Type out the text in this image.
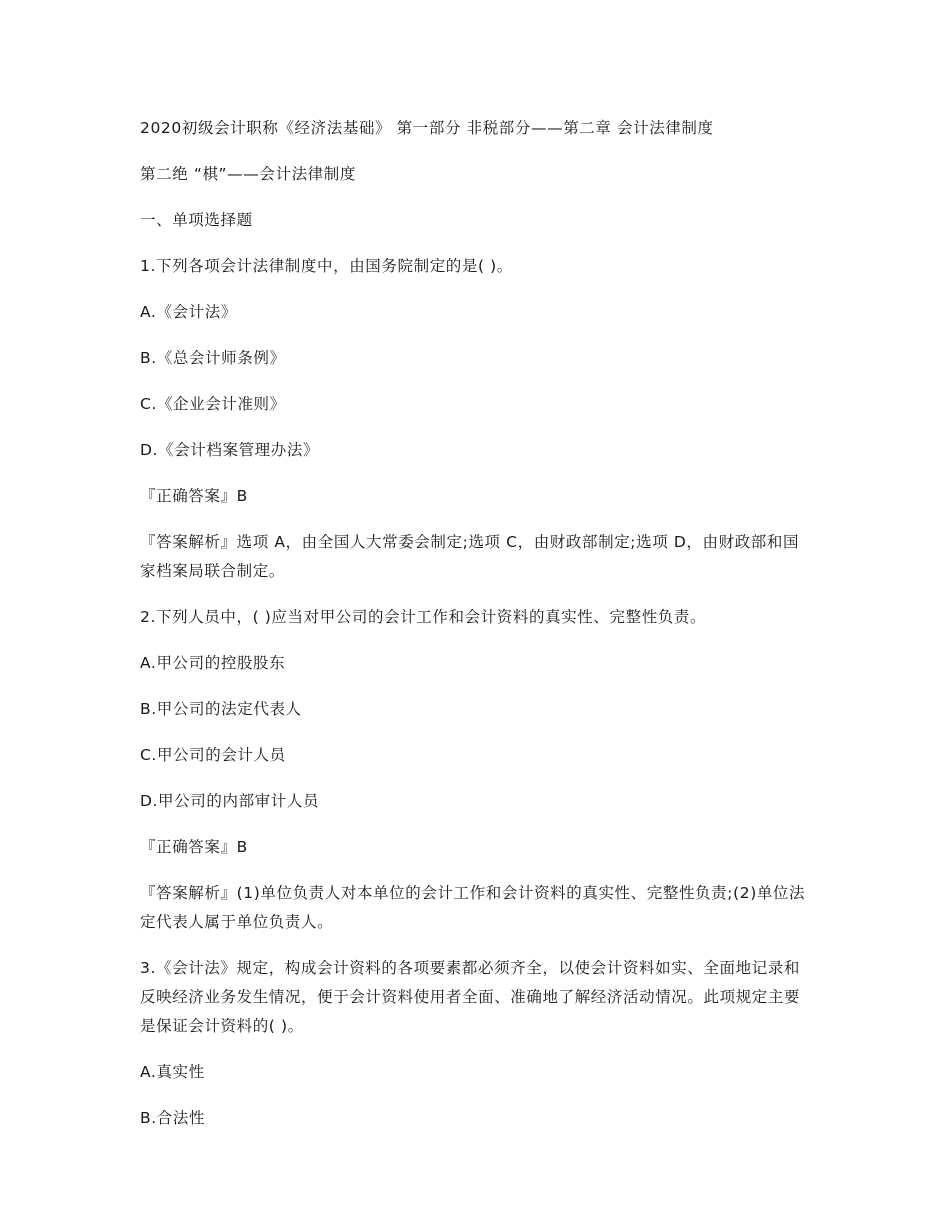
2020初级会计职称《经济法基础》 第一部分 非税部分——第二章 会计法律制度

第二绝 “棋”——会计法律制度

一、单项选择题

1.下列各项会计法律制度中，由国务院制定的是( )。

A.《会计法》

B.《总会计师条例》

C.《企业会计准则》

D.《会计档案管理办法》

『正确答案』B

『答案解析』选项 A，由全国人大常委会制定;选项 C，由财政部制定;选项 D，由财政部和国家档案局联合制定。

2.下列人员中，( )应当对甲公司的会计工作和会计资料的真实性、完整性负责。

A.甲公司的控股股东

B.甲公司的法定代表人

C.甲公司的会计人员

D.甲公司的内部审计人员

『正确答案』B

『答案解析』(1)单位负责人对本单位的会计工作和会计资料的真实性、完整性负责;(2)单位法定代表人属于单位负责人。

3.《会计法》规定，构成会计资料的各项要素都必须齐全，以使会计资料如实、全面地记录和反映经济业务发生情况，便于会计资料使用者全面、准确地了解经济活动情况。此项规定主要是保证会计资料的( )。

A.真实性

B.合法性
